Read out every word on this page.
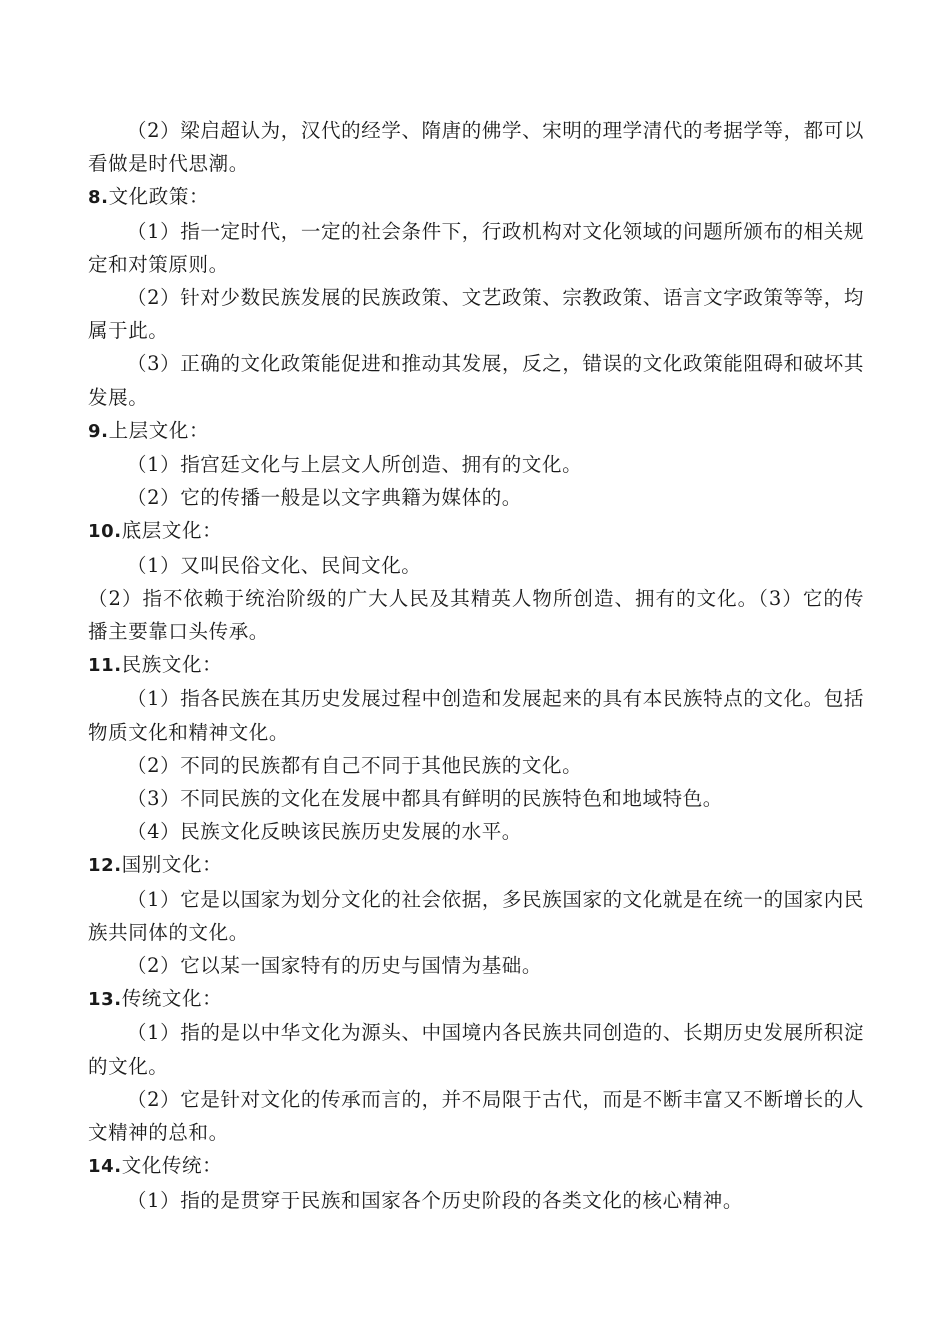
（2）梁启超认为，汉代的经学、隋唐的佛学、宋明的理学清代的考据学等，都可以看做是时代思潮。

8.文化政策：

（1）指一定时代，一定的社会条件下，行政机构对文化领域的问题所颁布的相关规定和对策原则。

（2）针对少数民族发展的民族政策、文艺政策、宗教政策、语言文字政策等等，均属于此。

（3）正确的文化政策能促进和推动其发展，反之，错误的文化政策能阻碍和破坏其发展。

9.上层文化：

（1）指宫廷文化与上层文人所创造、拥有的文化。

（2）它的传播一般是以文字典籍为媒体的。

10.底层文化：

（1）又叫民俗文化、民间文化。

（2）指不依赖于统治阶级的广大人民及其精英人物所创造、拥有的文化。（3）它的传播主要靠口头传承。

11.民族文化：

（1）指各民族在其历史发展过程中创造和发展起来的具有本民族特点的文化。包括物质文化和精神文化。

（2）不同的民族都有自己不同于其他民族的文化。

（3）不同民族的文化在发展中都具有鲜明的民族特色和地域特色。

（4）民族文化反映该民族历史发展的水平。

12.国别文化：

（1）它是以国家为划分文化的社会依据，多民族国家的文化就是在统一的国家内民族共同体的文化。

（2）它以某一国家特有的历史与国情为基础。

13.传统文化：

（1）指的是以中华文化为源头、中国境内各民族共同创造的、长期历史发展所积淀的文化。

（2）它是针对文化的传承而言的，并不局限于古代，而是不断丰富又不断增长的人文精神的总和。

14.文化传统：

（1）指的是贯穿于民族和国家各个历史阶段的各类文化的核心精神。
